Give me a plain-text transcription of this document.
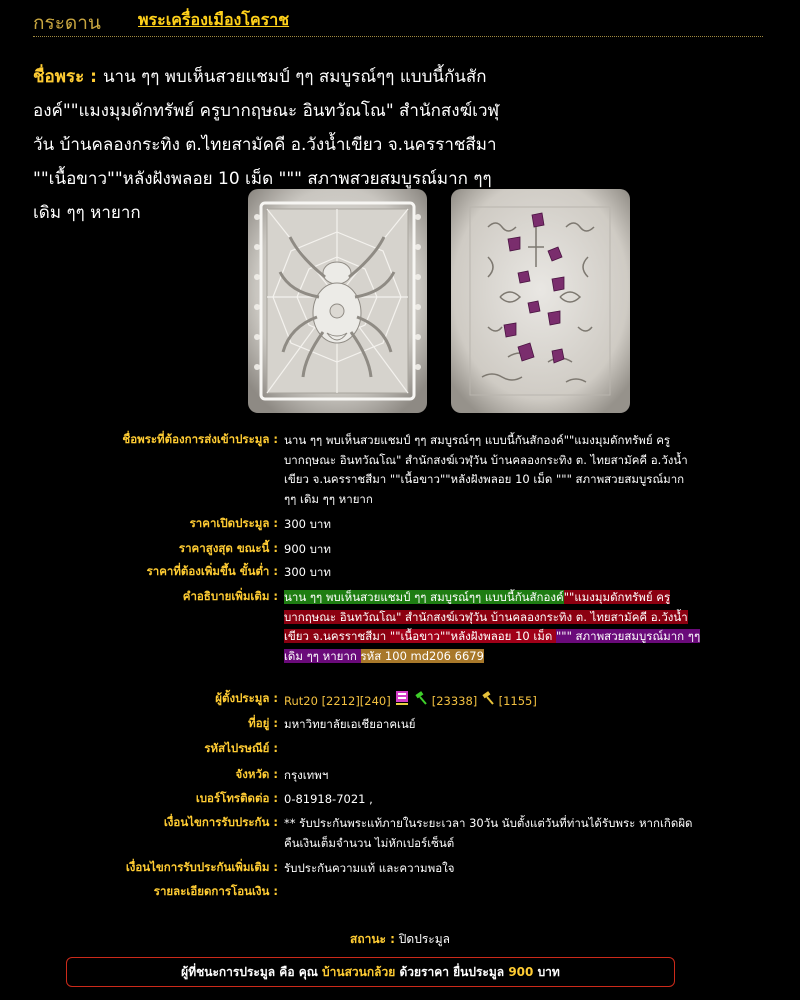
กระดาน พระเครื่องเมืองโคราช
ชื่อพระ : นาน ๆๆ พบเห็นสวยแชมป์ ๆๆ สมบูรณ์ๆๆ แบบนี้กันสัก
องค์""แมงมุมดักทรัพย์ ครูบากฤษณะ อินทวัณโณ" สำนักสงฆ์เวฬุ
วัน บ้านคลองกระทิง ต.ไทยสามัคคี อ.วังน้ำเขียว จ.นครราชสีมา
""เนื้อขาว""หลังฝังพลอย 10 เม็ด """ สภาพสวยสมบูรณ์มาก ๆๆ
เดิม ๆๆ หายาก
ชื่อพระที่ต้องการส่งเข้าประมูล : นาน ๆๆ พบเห็นสวยแชมป์ ๆๆ สมบูรณ์ๆๆ แบบนี้กันสักองค์""แมงมุมดักทรัพย์ ครู
บากฤษณะ อินทวัณโณ" สำนักสงฆ์เวฬุวัน บ้านคลองกระทิง ต. ไทยสามัคคี อ.วังน้ำ
เขียว จ.นครราชสีมา ""เนื้อขาว""หลังฝังพลอย 10 เม็ด """ สภาพสวยสมบูรณ์มาก
ๆๆ เดิม ๆๆ หายาก
ราคาเปิดประมูล : 300 บาท
ราคาสูงสุด ขณะนี้ : 900 บาท
ราคาที่ต้องเพิ่มขึ้น ขั้นต่ำ : 300 บาท
คำอธิบายเพิ่มเติม : นาน ๆๆ พบเห็นสวยแชมป์ ๆๆ สมบูรณ์ๆๆ แบบนี้กันสักองค์""แมงมุมดักทรัพย์ ครู
บากฤษณะ อินทวัณโณ" สำนักสงฆ์เวฬุวัน บ้านคลองกระทิง ต. ไทยสามัคคี อ.วังน้ำ
เขียว จ.นครราชสีมา ""เนื้อขาว""หลังฝังพลอย 10 เม็ด """ สภาพสวยสมบูรณ์มาก ๆๆ
เดิม ๆๆ หายาก รหัส 100 md206 6679
ผู้ตั้งประมูล : Rut20 [2212][240]	[23338] [1155]
ที่อยู่ : มหาวิทยาลัยเอเชียอาคเนย์
รหัสไปรษณีย์ :
จังหวัด : กรุงเทพฯ
เบอร์โทรติดต่อ : 0-81918-7021 ,
เงื่อนไขการรับประกัน : ** รับประกันพระแท้ภายในระยะเวลา 30วัน นับตั้งแต่วันที่ท่านได้รับพระ หากเกิดผิด
คืนเงินเต็มจำนวน ไม่หักเปอร์เซ็นต์
เงื่อนไขการรับประกันเพิ่มเติม : รับประกันความแท้ และความพอใจ
รายละเอียดการโอนเงิน :
สถานะ : ปิดประมูล
ผู้ที่ชนะการประมูล คือ คุณ บ้านสวนกล้วย ด้วยราคา ยื่นประมูล 900 บาท
